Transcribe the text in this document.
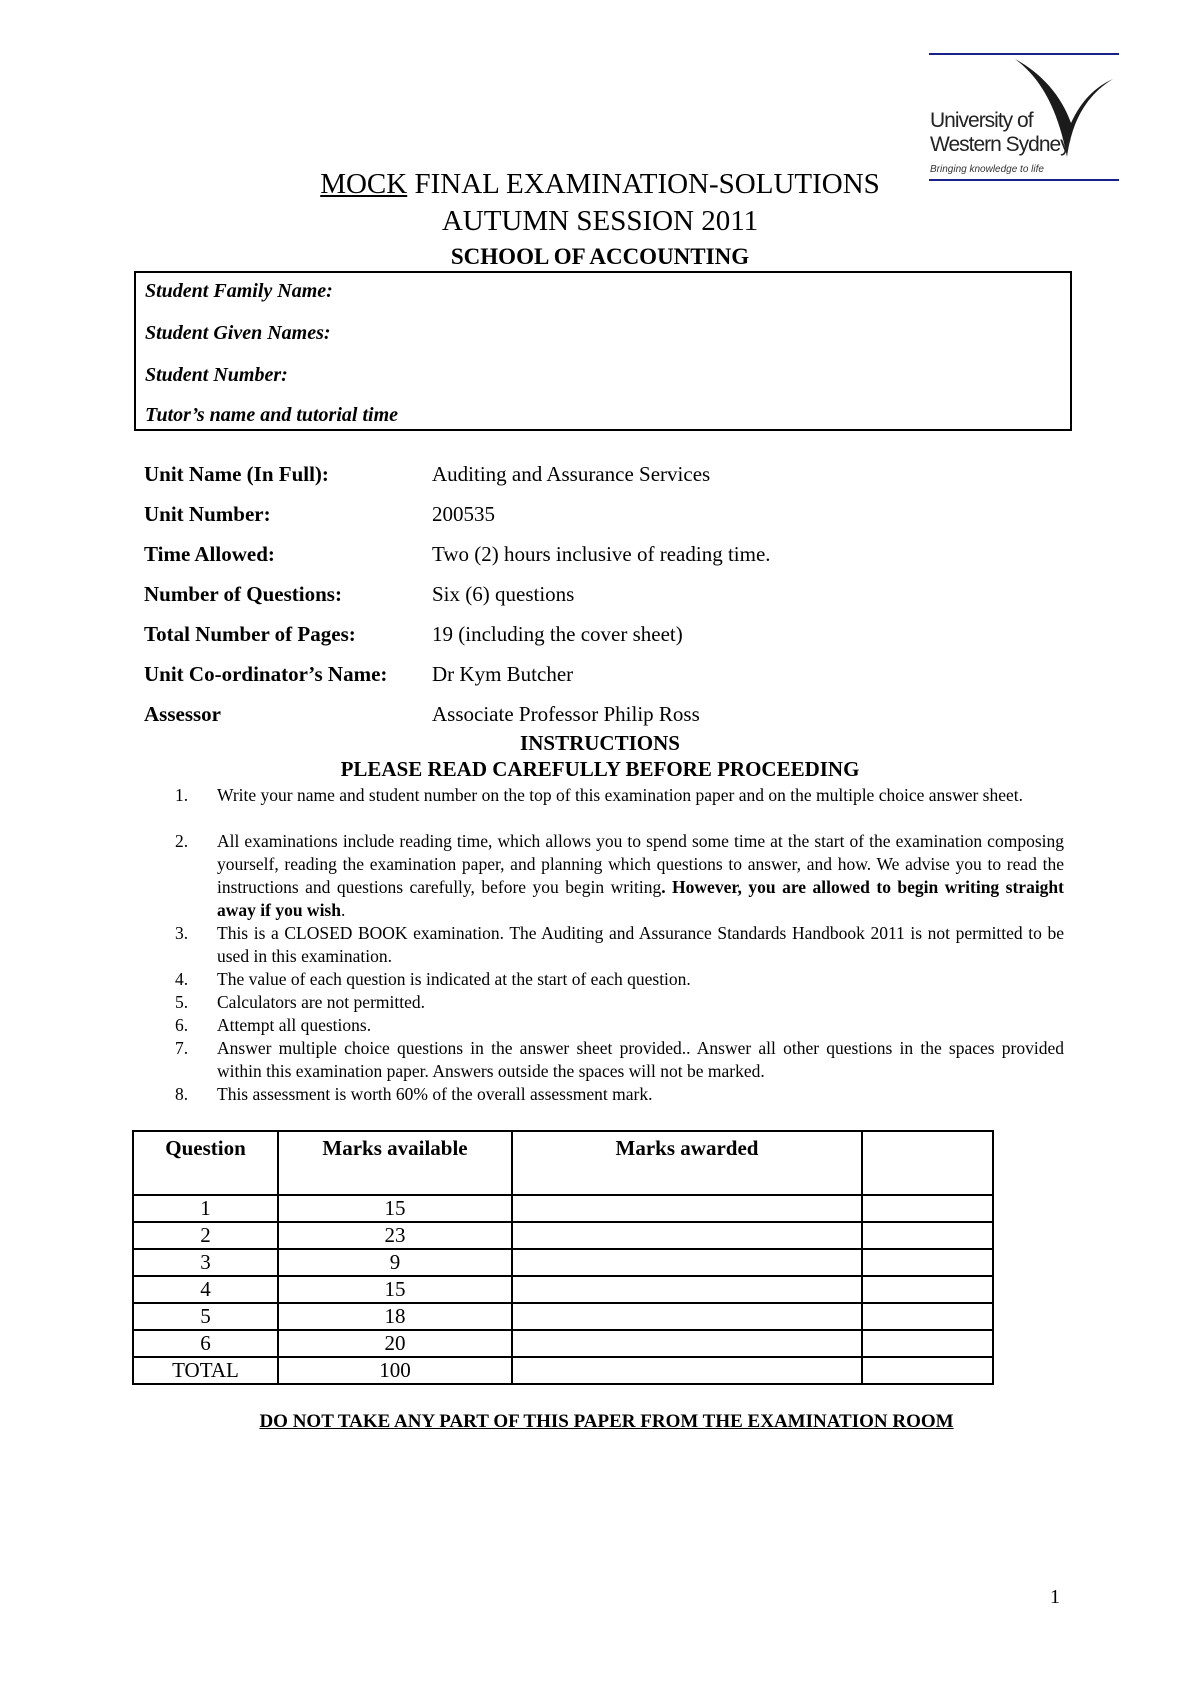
University of
Western Sydney
Bringing knowledge to life
MOCK FINAL EXAMINATION-SOLUTIONS
AUTUMN SESSION 2011
SCHOOL OF ACCOUNTING
Student Family Name:
Student Given Names:
Student Number:
Tutor’s name and tutorial time
Unit Name (In Full):	Auditing and Assurance Services
Unit Number:	200535
Time Allowed:	Two (2) hours inclusive of reading time.
Number of Questions:	Six (6) questions
Total Number of Pages:	19 (including the cover sheet)
Unit Co-ordinator’s Name: Dr Kym Butcher
Assessor	Associate Professor Philip Ross
INSTRUCTIONS
PLEASE READ CAREFULLY BEFORE PROCEEDING
1.	Write your name and student number on the top of this examination paper and on the multiple choice answer sheet.
2.	All examinations include reading time, which allows you to spend some time at the start of the examination composing yourself, reading the examination paper, and planning which questions to answer, and how. We advise you to read the instructions and questions carefully, before you begin writing. However, you are allowed to begin writing straight away if you wish.
3.	This is a CLOSED BOOK examination. The Auditing and Assurance Standards Handbook 2011 is not permitted to be used in this examination.
4.	The value of each question is indicated at the start of each question.
5.	Calculators are not permitted.
6.	Attempt all questions.
7.	Answer multiple choice questions in the answer sheet provided.. Answer all other questions in the spaces provided within this examination paper. Answers outside the spaces will not be marked.
8.	This assessment is worth 60% of the overall assessment mark.
Question	Marks available	Marks awarded	
1	15		
2	23		
3	9		
4	15		
5	18		
6	20		
TOTAL	100		
DO NOT TAKE ANY PART OF THIS PAPER FROM THE EXAMINATION ROOM
1
